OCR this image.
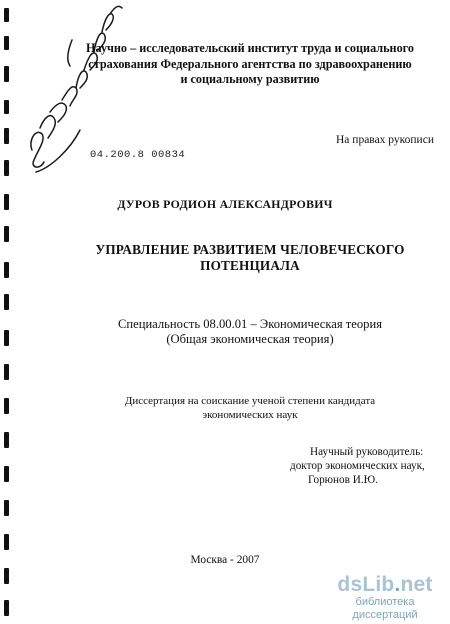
Научно – исследовательский институт труда и социального
страхования Федерального агентства по здравоохранению
и социальному развитию
На правах рукописи
04.200.8 00834
ДУРОВ РОДИОН АЛЕКСАНДРОВИЧ
УПРАВЛЕНИЕ РАЗВИТИЕМ ЧЕЛОВЕЧЕСКОГО
ПОТЕНЦИАЛА
Специальность 08.00.01 – Экономическая теория
(Общая экономическая теория)
Диссертация на соискание ученой степени кандидата
экономических наук
Научный руководитель:
доктор экономических наук,
Горюнов И.Ю.
Москва - 2007
dsLib.net
библиотека диссертаций
